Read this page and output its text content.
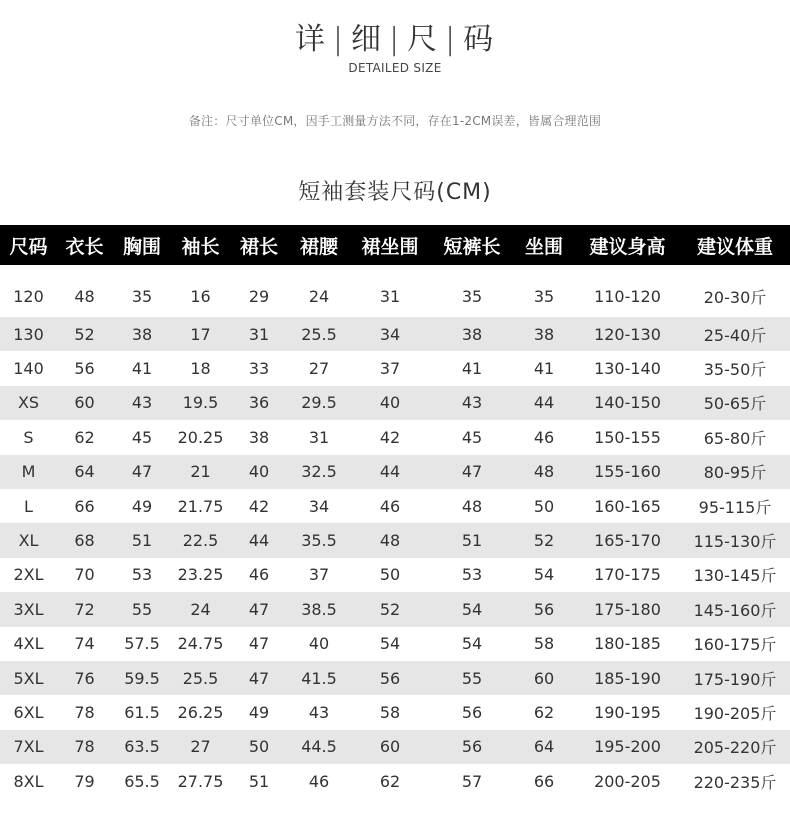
详 | 细 | 尺 | 码
DETAILED SIZE
备注：尺寸单位CM，因手工测量方法不同，存在1-2CM误差，皆属合理范围
短袖套装尺码(CM)
尺码	衣长	胸围	袖长	裙长	裙腰	裙坐围	短裤长	坐围	建议身高	建议体重
120	48	35	16	29	24	31	35	35	110-120	20-30斤
130	52	38	17	31	25.5	34	38	38	120-130	25-40斤
140	56	41	18	33	27	37	41	41	130-140	35-50斤
XS	60	43	19.5	36	29.5	40	43	44	140-150	50-65斤
S	62	45	20.25	38	31	42	45	46	150-155	65-80斤
M	64	47	21	40	32.5	44	47	48	155-160	80-95斤
L	66	49	21.75	42	34	46	48	50	160-165	95-115斤
XL	68	51	22.5	44	35.5	48	51	52	165-170	115-130斤
2XL	70	53	23.25	46	37	50	53	54	170-175	130-145斤
3XL	72	55	24	47	38.5	52	54	56	175-180	145-160斤
4XL	74	57.5	24.75	47	40	54	54	58	180-185	160-175斤
5XL	76	59.5	25.5	47	41.5	56	55	60	185-190	175-190斤
6XL	78	61.5	26.25	49	43	58	56	62	190-195	190-205斤
7XL	78	63.5	27	50	44.5	60	56	64	195-200	205-220斤
8XL	79	65.5	27.75	51	46	62	57	66	200-205	220-235斤
